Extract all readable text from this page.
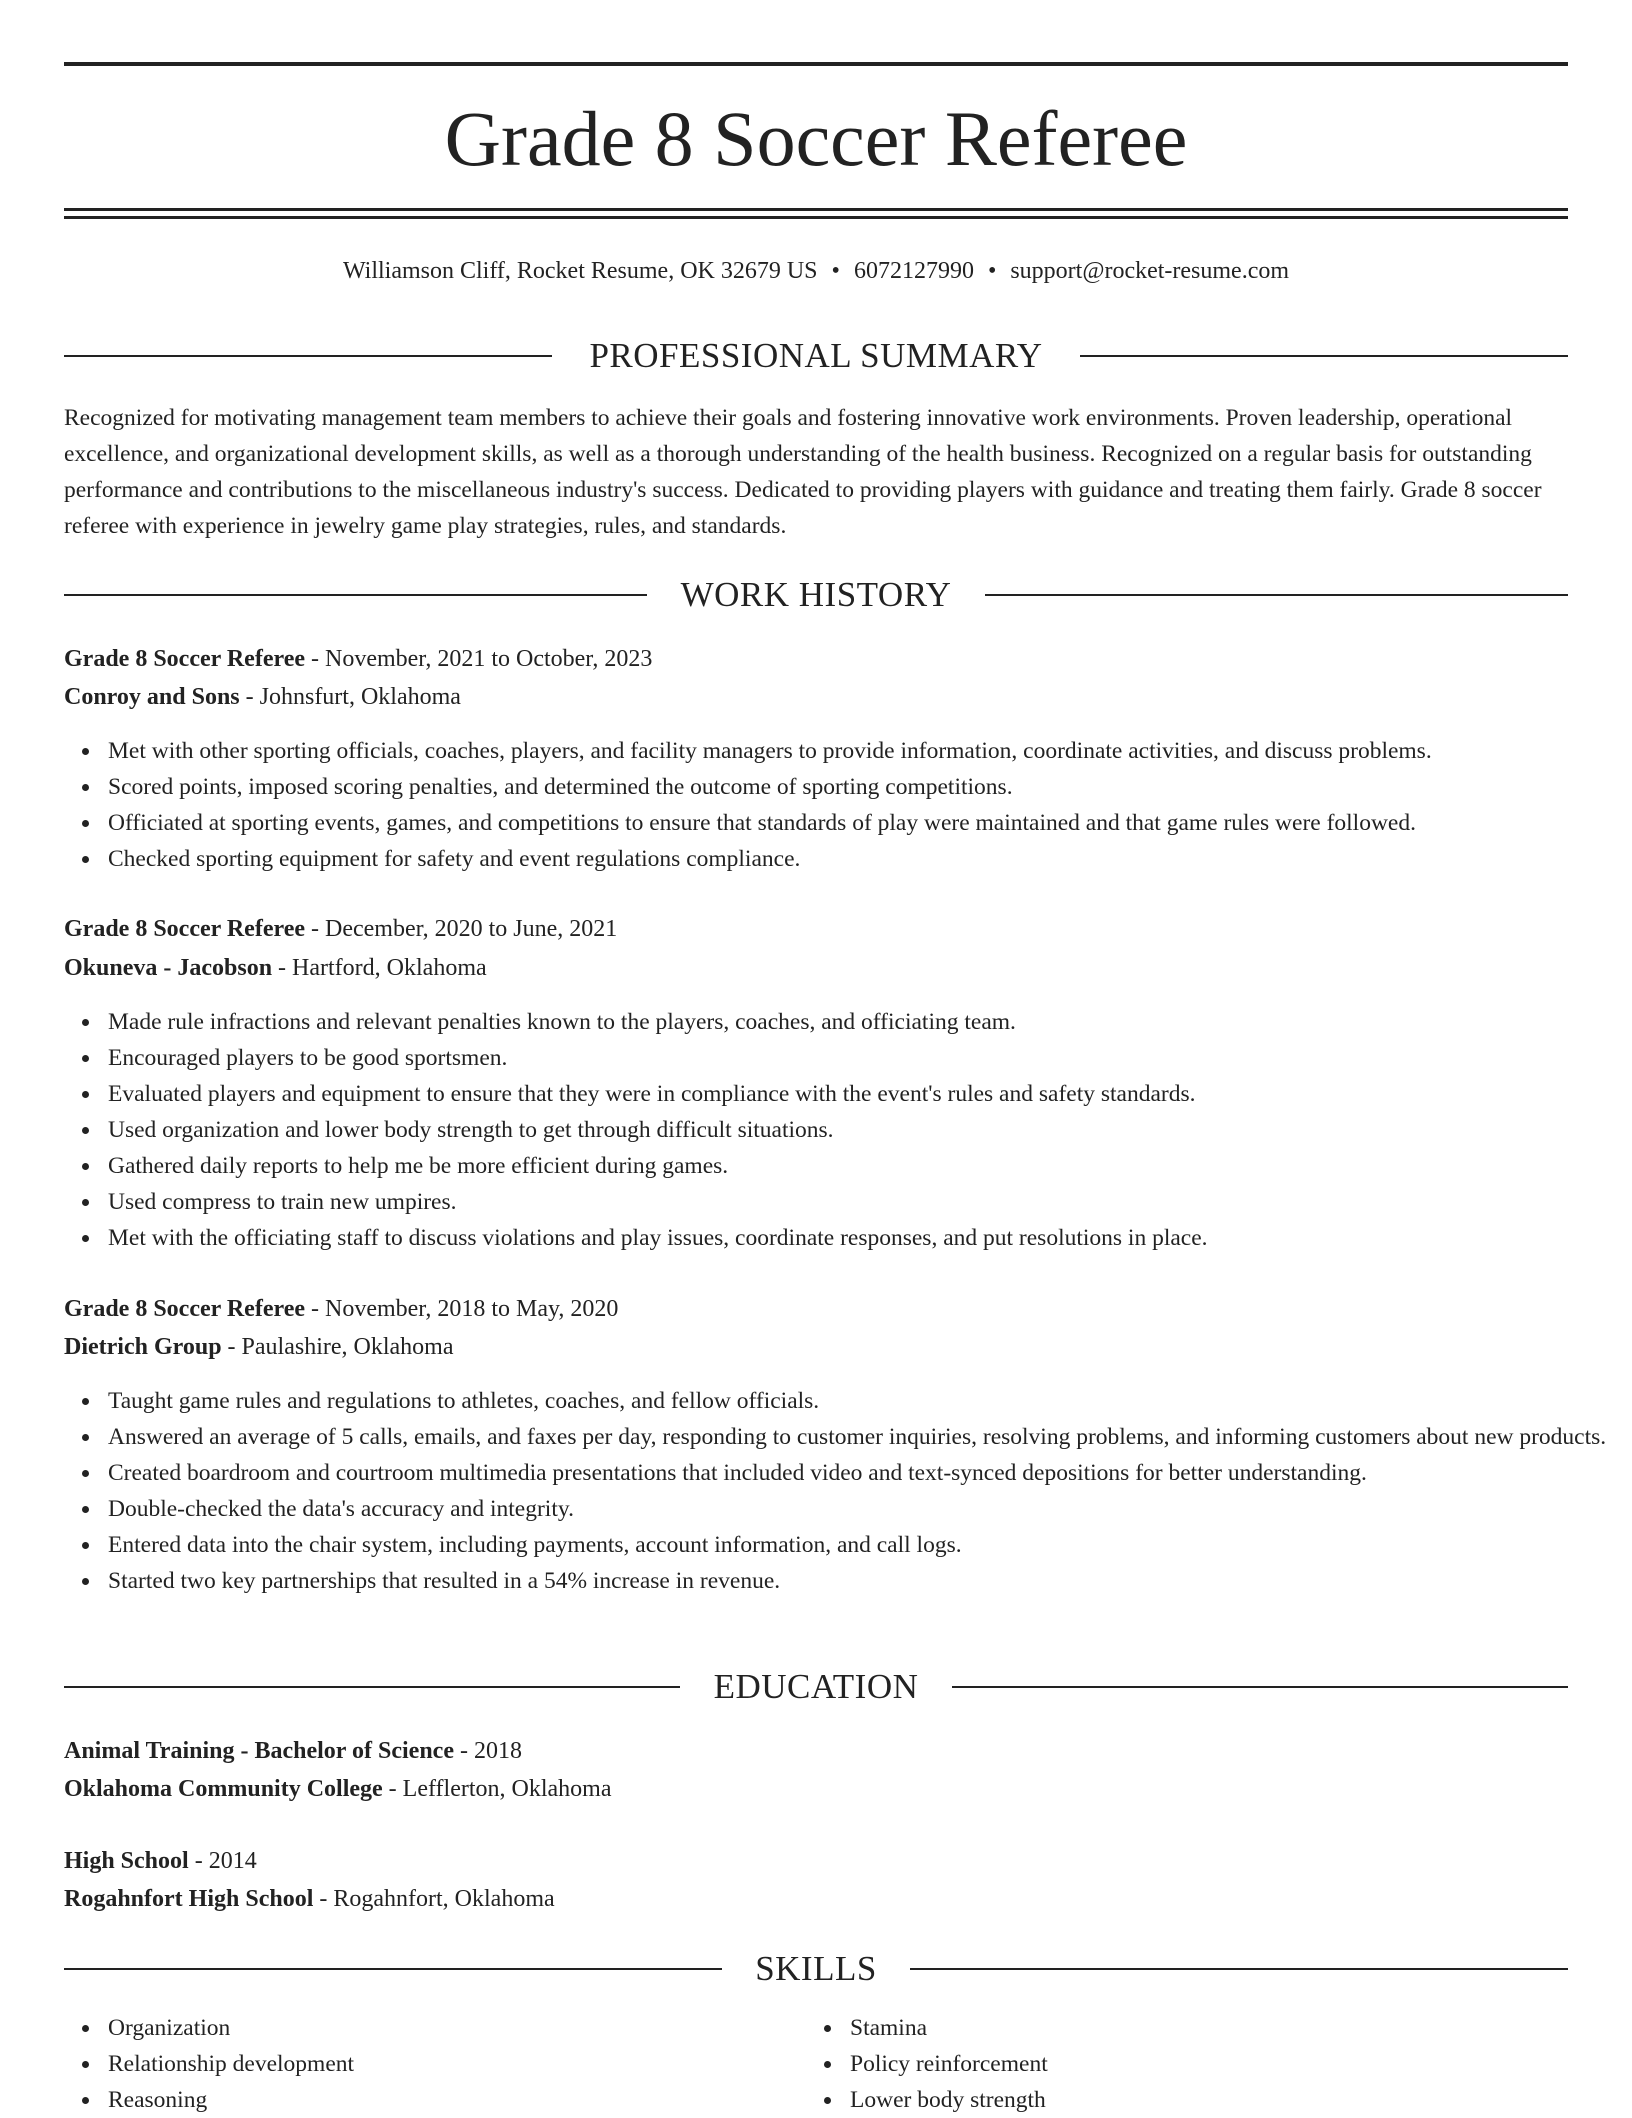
Grade 8 Soccer Referee
Williamson Cliff, Rocket Resume, OK 32679 US • 6072127990 • support@rocket-resume.com
PROFESSIONAL SUMMARY

Recognized for motivating management team members to achieve their goals and fostering innovative work environments. Proven leadership, operational excellence, and organizational development skills, as well as a thorough understanding of the health business. Recognized on a regular basis for outstanding performance and contributions to the miscellaneous industry's success. Dedicated to providing players with guidance and treating them fairly. Grade 8 soccer referee with experience in jewelry game play strategies, rules, and standards.

WORK HISTORY
Grade 8 Soccer Referee - November, 2021 to October, 2023
Conroy and Sons - Johnsfurt, Oklahoma
Met with other sporting officials, coaches, players, and facility managers to provide information, coordinate activities, and discuss problems.
Scored points, imposed scoring penalties, and determined the outcome of sporting competitions.
Officiated at sporting events, games, and competitions to ensure that standards of play were maintained and that game rules were followed.
Checked sporting equipment for safety and event regulations compliance.
Grade 8 Soccer Referee - December, 2020 to June, 2021
Okuneva - Jacobson - Hartford, Oklahoma
Made rule infractions and relevant penalties known to the players, coaches, and officiating team.
Encouraged players to be good sportsmen.
Evaluated players and equipment to ensure that they were in compliance with the event's rules and safety standards.
Used organization and lower body strength to get through difficult situations.
Gathered daily reports to help me be more efficient during games.
Used compress to train new umpires.
Met with the officiating staff to discuss violations and play issues, coordinate responses, and put resolutions in place.
Grade 8 Soccer Referee - November, 2018 to May, 2020
Dietrich Group - Paulashire, Oklahoma
Taught game rules and regulations to athletes, coaches, and fellow officials.
Answered an average of 5 calls, emails, and faxes per day, responding to customer inquiries, resolving problems, and informing customers about new products.
Created boardroom and courtroom multimedia presentations that included video and text-synced depositions for better understanding.
Double-checked the data's accuracy and integrity.
Entered data into the chair system, including payments, account information, and call logs.
Started two key partnerships that resulted in a 54% increase in revenue.
EDUCATION
Animal Training - Bachelor of Science - 2018
Oklahoma Community College - Lefflerton, Oklahoma
High School - 2014
Rogahnfort High School - Rogahnfort, Oklahoma
SKILLS
Organization
Relationship development
Reasoning
Stamina
Policy reinforcement
Lower body strength
